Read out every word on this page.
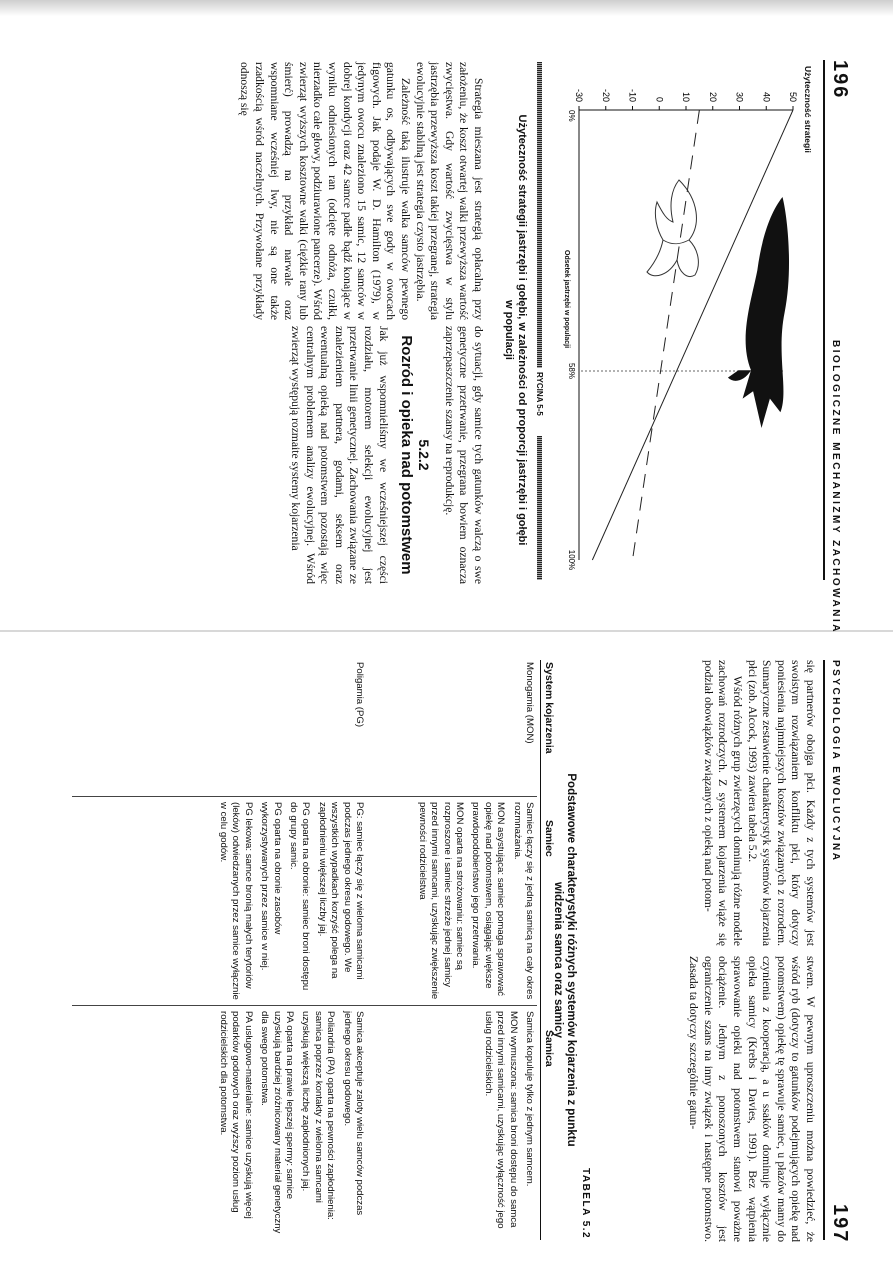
196
BIOLOGICZNE MECHANIZMY ZACHOWANIA
Użyteczność strategii
50
40
30
20
10
0
-10
-20
-30
0%
58%
100%
Odsetek jastrzębi w populacji
RYCINA 5-5
Użyteczność strategii jastrzębi i gołębi, w zależności od proporcji jastrzębi i gołębi w populacji

Strategia mieszana jest strategią opłacalną przy założeniu, że koszt otwartej walki przewyższa wartość zwycięstwa. Gdy wartość zwycięstwa w stylu jastrzębia przewyższa koszt takiej przegranej, strategia ewolucyjnie stabilną jest strategia czysto jastrzębia.

Zależność taką ilustruje walka samców pewnego gatunku os, odbywających swe gody w owocach figowych. Jak podaje W. D. Hamilton (1979), w jedynym owocu znaleziono 15 samic, 12 samców w dobrej kondycji oraz 42 samce padłe bądź konające w wyniku odniesionych ran (odcięte odnóża, czułki, nierzadko całe głowy, podziurawione pancerze). Wśród zwierząt wyższych kosztowne walki (ciężkie rany lub śmierć) prowadzą na przykład narwale oraz wspomniane wcześniej lwy, nie są one także rzadkością wśród naczelnych. Przywołane przykłady odnoszą się

do sytuacji, gdy samice tych gatunków walczą o swe genetyczne przetrwanie, przegrana bowiem oznacza zaprzepaszczenie szansy na reprodukcję.

5.2.2
Rozród i opieka nad potomstwem

Jak już wspomnieliśmy we wcześniejszej części rozdziału, motorem selekcji ewolucyjnej jest przetrwanie linii genetycznej. Zachowania związane ze znalezieniem partnera, godami, seksem oraz ewentualną opieką nad potomstwem pozostają więc centralnym problemem analizy ewolucyjnej. Wśród zwierząt występują rozmaite systemy kojarzenia

PSYCHOLOGIA EWOLUCYJNA
197

się partnerów obojga płci. Każdy z tych systemów jest swoistym rozwiązaniem konfliktu płci, który dotyczy poniesienia najmniejszych kosztów związanych z rozrodem. Sumaryczne zestawienie charakterystyk systemów kojarzenia płci (zob. Alcock, 1993) zawiera tabela 5.2.

Wśród różnych grup zwierzęcych dominują różne modele zachowań rozrodczych. Z systemem kojarzenia wiąże się podział obowiązków związanych z opieką nad potom-

stwem. W pewnym uproszczeniu można powiedzieć, że wśród ryb (dotyczy to gatunków podejmujących opiekę nad potomstwem) opiekę tę sprawuje samiec, u płazów mamy do czynienia z kooperacją, a u ssaków dominuje wyłącznie opieka samicy (Krebs i Davies, 1991). Bez wątpienia sprawowanie opieki nad potomstwem stanowi poważne obciążenie. Jednym z ponoszonych kosztów jest ograniczenie szans na inny związek i następne potomstwo. Zasada ta dotyczy szczególnie gatun-

TABELA 5.2
Podstawowe charakterystyki różnych systemów kojarzenia z punktu widzenia samca oraz samicy
System kojarzenia
Samiec
Samica
Monogamia (MON)

Samiec łączy się z jedną samicą na cały okres rozmnażania.

MON asystująca: samiec pomaga sprawować opiekę nad potomstwem, osiągając większe prawdopodobieństwo jego przetrwania.

MON oparta na strożowaniu: samiec są rozproszone i samiec strzeże jednej samicy przed innymi samcami, uzyskując zwiększenie pewności rodzicielstwa

Samica kopuluje tylko z jednym samcem.

MON wymuszona: samica broni dostępu do samca przed innymi samicami, uzyskując wyłączność jego usług rodzicielskich.

Poligamia (PG)

PG: samiec łączy się z wieloma samicami podczas jednego okresu godowego. We wszystkich wypadkach korzyść polega na zapłodnieniu większej liczby jaj.

PG oparta na obronie: samiec broni dostępu do grupy samic.

PG oparta na obronie zasobów wykorzystywanych przez samice w niej.

PG lekowa: samce bronią małych terytoriów (leków) odwiedzanych przez samice wyłącznie w celu godów.

Samica akceptuje zaloty wielu samców podczas jednego okresu godowego.

Poliandria (PA) oparta na pewności zapłodnienia: samica poprzez kontakty z wieloma samcami uzyskują większą liczbę zapłodnionych jaj.

PA oparta na prawie lepszej spermy: samice uzyskują bardziej zróżnicowany materiał genetyczny dla swego potomstwa.

PA usługowo-materialne: samice uzyskują więcej podarków godowych oraz wyższy poziom usług rodzicielskich dla potomstwa.
